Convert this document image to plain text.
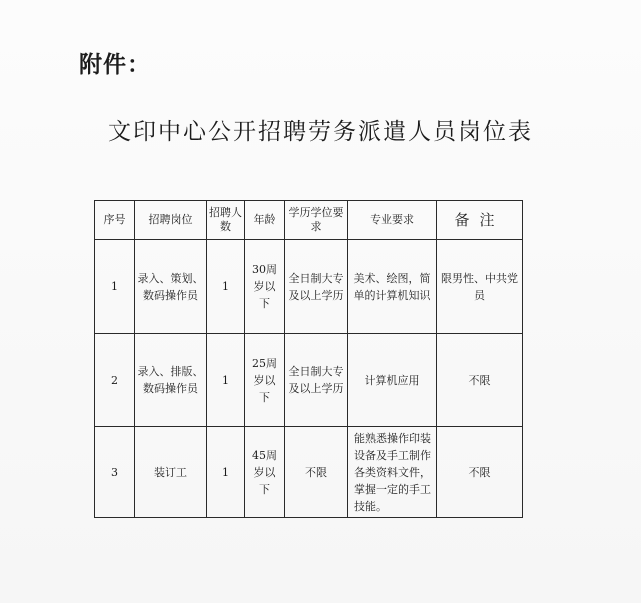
附件：
文印中心公开招聘劳务派遣人员岗位表
序号	招聘岗位	招聘人数	年龄	学历学位要求	专业要求	备注
1	录入、策划、数码操作员	1	30周岁以下	全日制大专及以上学历	美术、绘图，简单的计算机知识	限男性、中共党员
2	录入、排版、数码操作员	1	25周岁以下	全日制大专及以上学历	计算机应用	不限
3	装订工	1	45周岁以下	不限	能熟悉操作印装设备及手工制作各类资料文件，掌握一定的手工技能。	不限
